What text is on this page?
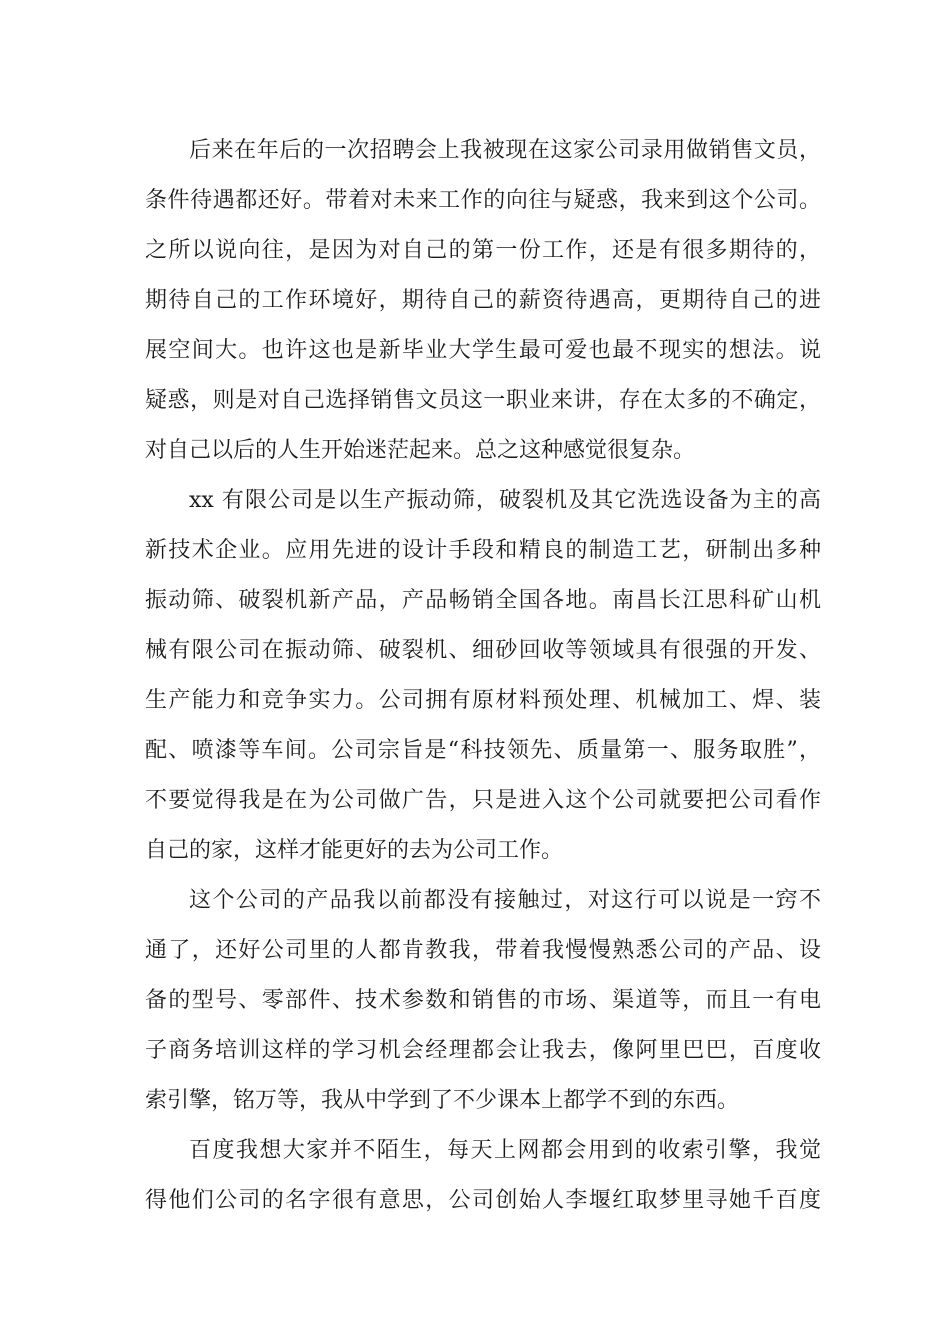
后来在年后的一次招聘会上我被现在这家公司录用做销售文员，
条件待遇都还好。带着对未来工作的向往与疑惑，我来到这个公司。
之所以说向往，是因为对自己的第一份工作，还是有很多期待的，
期待自己的工作环境好，期待自己的薪资待遇高，更期待自己的进
展空间大。也许这也是新毕业大学生最可爱也最不现实的想法。说
疑惑，则是对自己选择销售文员这一职业来讲，存在太多的不确定，
对自己以后的人生开始迷茫起来。总之这种感觉很复杂。
xx 有限公司是以生产振动筛，破裂机及其它洗选设备为主的高
新技术企业。应用先进的设计手段和精良的制造工艺，研制出多种
振动筛、破裂机新产品，产品畅销全国各地。南昌长江思科矿山机
械有限公司在振动筛、破裂机、细砂回收等领域具有很强的开发、
生产能力和竞争实力。公司拥有原材料预处理、机械加工、焊、装
配、喷漆等车间。公司宗旨是“科技领先、质量第一、服务取胜”，
不要觉得我是在为公司做广告，只是进入这个公司就要把公司看作
自己的家，这样才能更好的去为公司工作。
这个公司的产品我以前都没有接触过，对这行可以说是一窍不
通了，还好公司里的人都肯教我，带着我慢慢熟悉公司的产品、设
备的型号、零部件、技术参数和销售的市场、渠道等，而且一有电
子商务培训这样的学习机会经理都会让我去，像阿里巴巴，百度收
索引擎，铭万等，我从中学到了不少课本上都学不到的东西。
百度我想大家并不陌生，每天上网都会用到的收索引擎，我觉
得他们公司的名字很有意思，公司创始人李堰红取梦里寻她千百度
